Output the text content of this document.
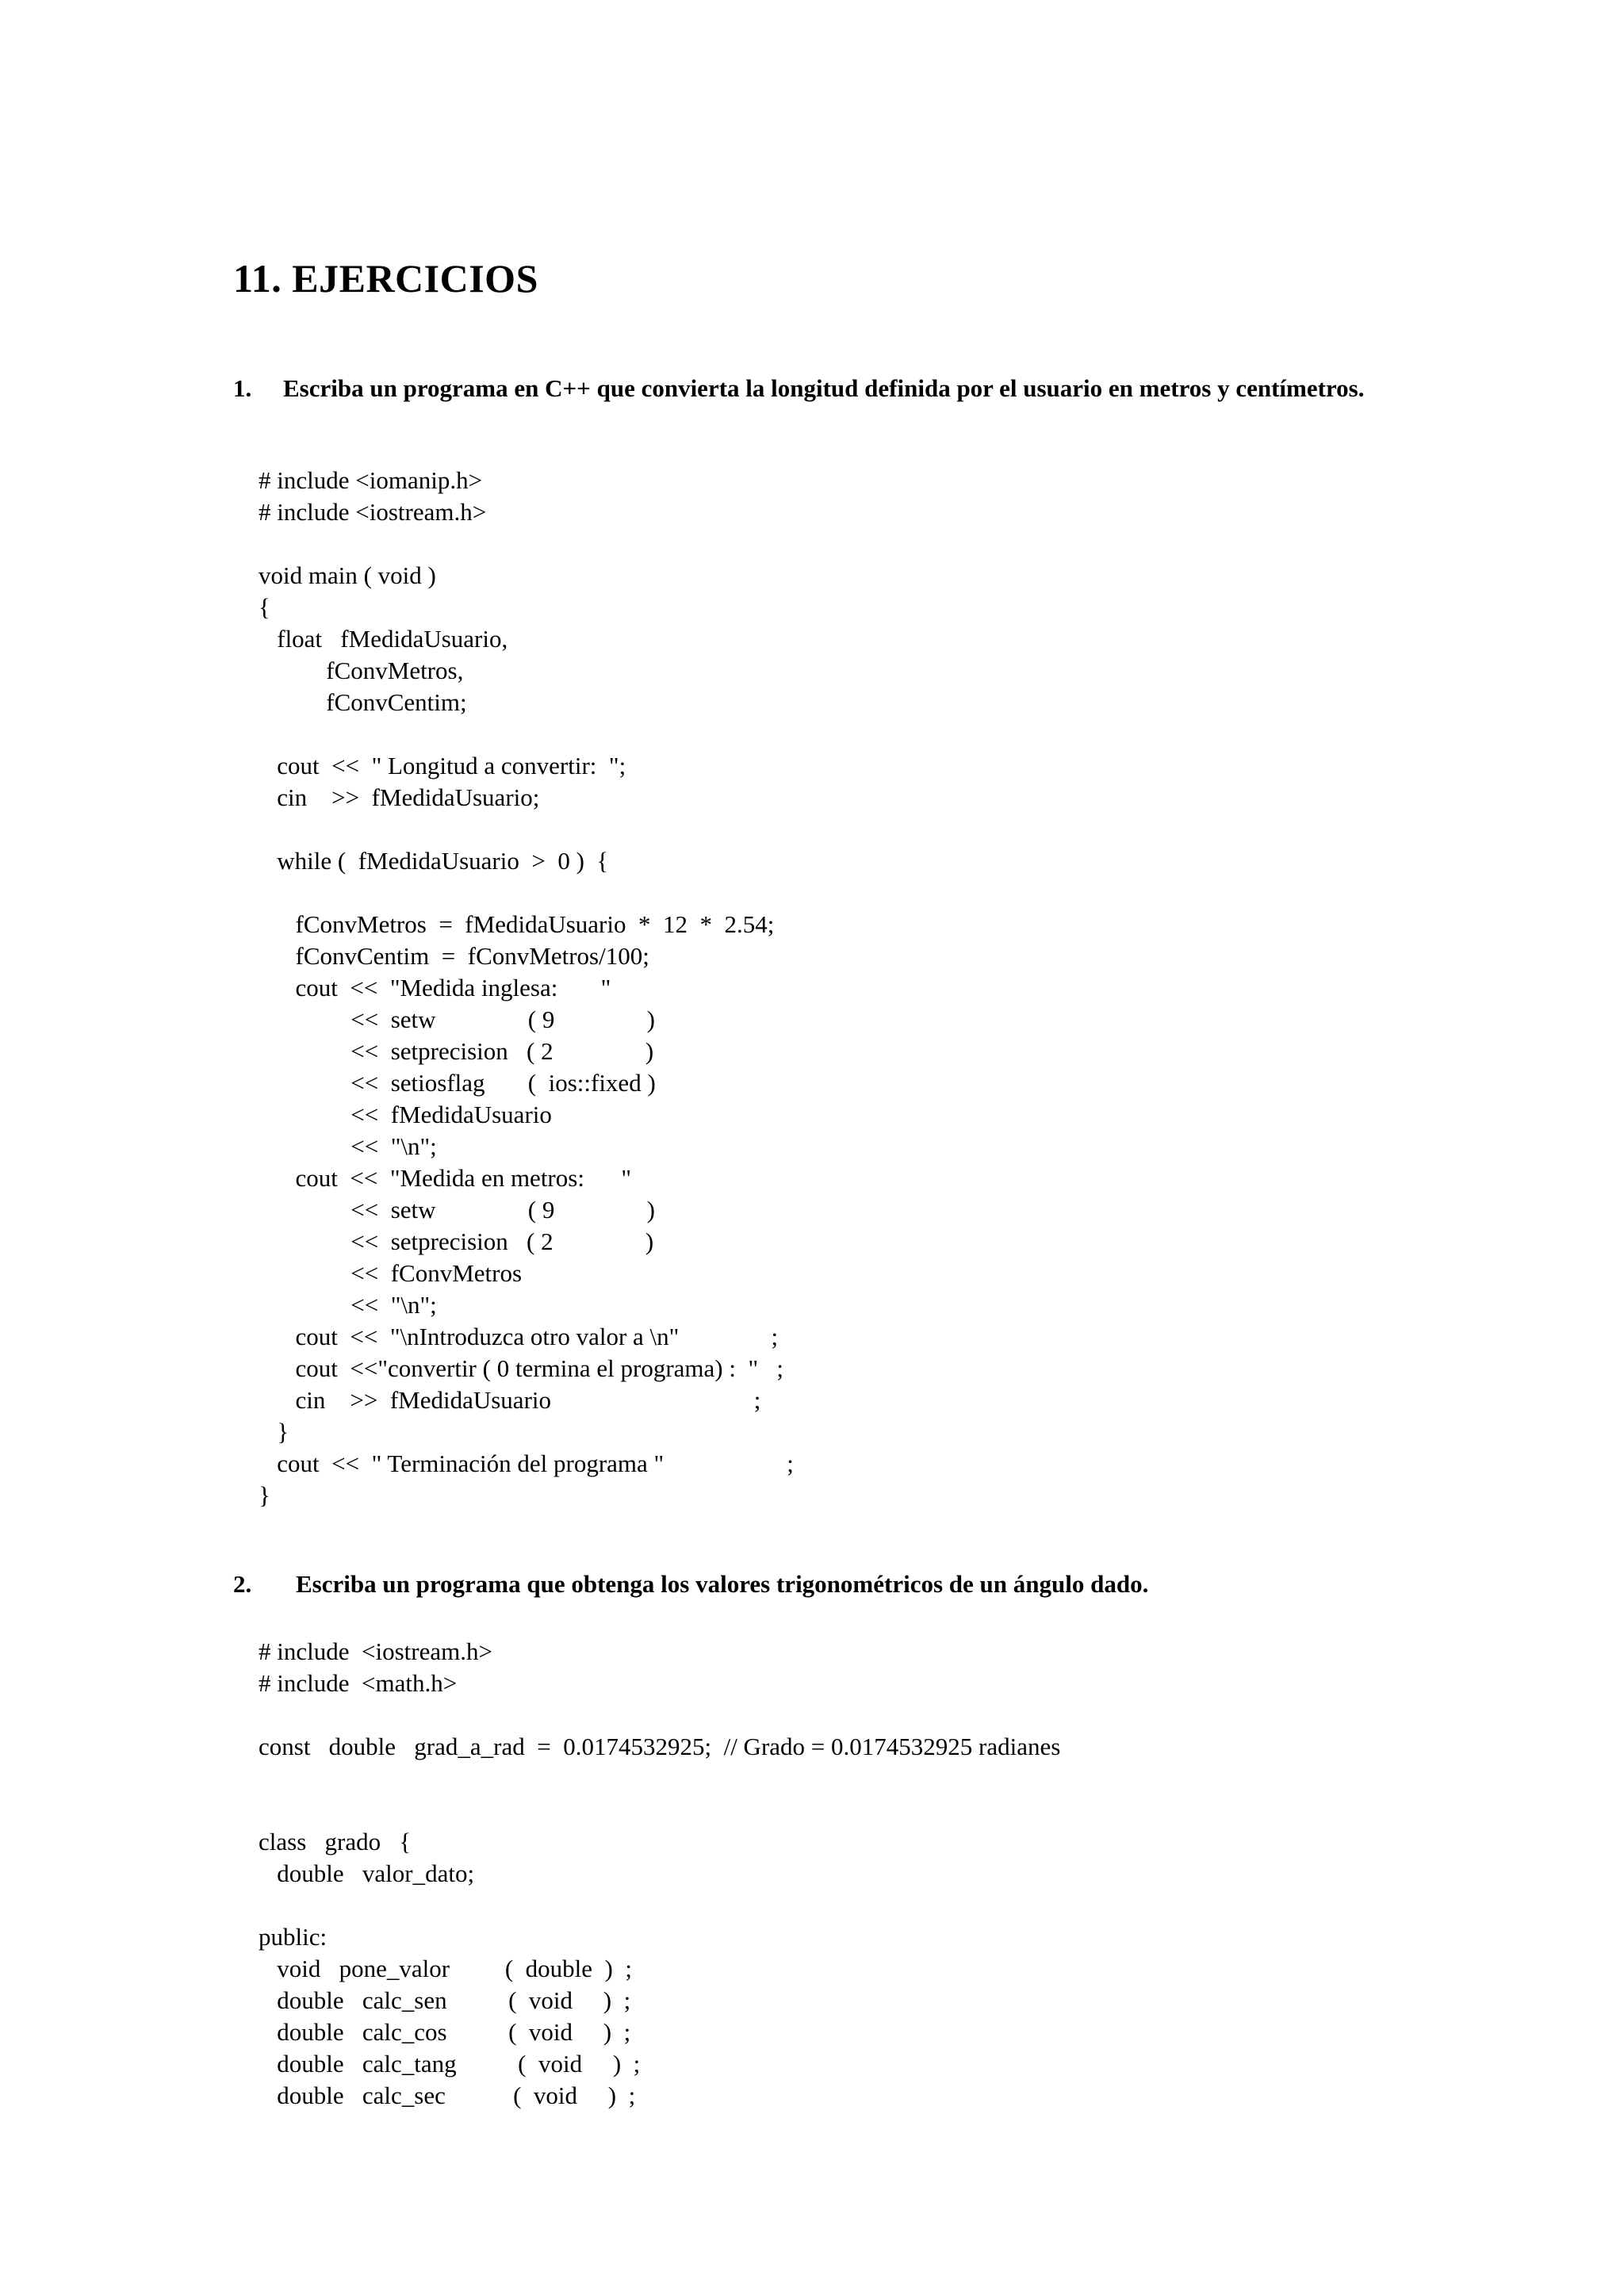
11. EJERCICIOS
1. Escriba un programa en C++ que convierta la longitud definida por el usuario en metros y centímetros.
# include <iomanip.h>
# include <iostream.h>
void main ( void )
{
float   fMedidaUsuario,
fConvMetros,
fConvCentim;
cout  <<  " Longitud a convertir:  ";
cin    >>  fMedidaUsuario;
while (  fMedidaUsuario  >  0 )  {
fConvMetros  =  fMedidaUsuario  *  12  *  2.54;
fConvCentim  =  fConvMetros/100;
cout  <<  "Medida inglesa:       "
<<  setw               ( 9               )
<<  setprecision   ( 2               )
<<  setiosflag       (  ios::fixed )
<<  fMedidaUsuario
<<  "\n";
cout  <<  "Medida en metros:      "
<<  setw               ( 9               )
<<  setprecision   ( 2               )
<<  fConvMetros
<<  "\n";
cout  <<  "\nIntroduzca otro valor a \n"               ;
cout  <<"convertir ( 0 termina el programa) :  "   ;
cin    >>  fMedidaUsuario                                 ;
}
cout  <<  " Terminación del programa "                    ;
}
2. Escriba un programa que obtenga los valores trigonométricos de un ángulo dado.
# include  <iostream.h>
# include  <math.h>
const   double   grad_a_rad  =  0.0174532925;  // Grado = 0.0174532925 radianes
class   grado   {
double   valor_dato;
public:
void   pone_valor         (  double  )  ;
double   calc_sen          (  void     )  ;
double   calc_cos          (  void     )  ;
double   calc_tang          (  void     )  ;
double   calc_sec           (  void     )  ;
